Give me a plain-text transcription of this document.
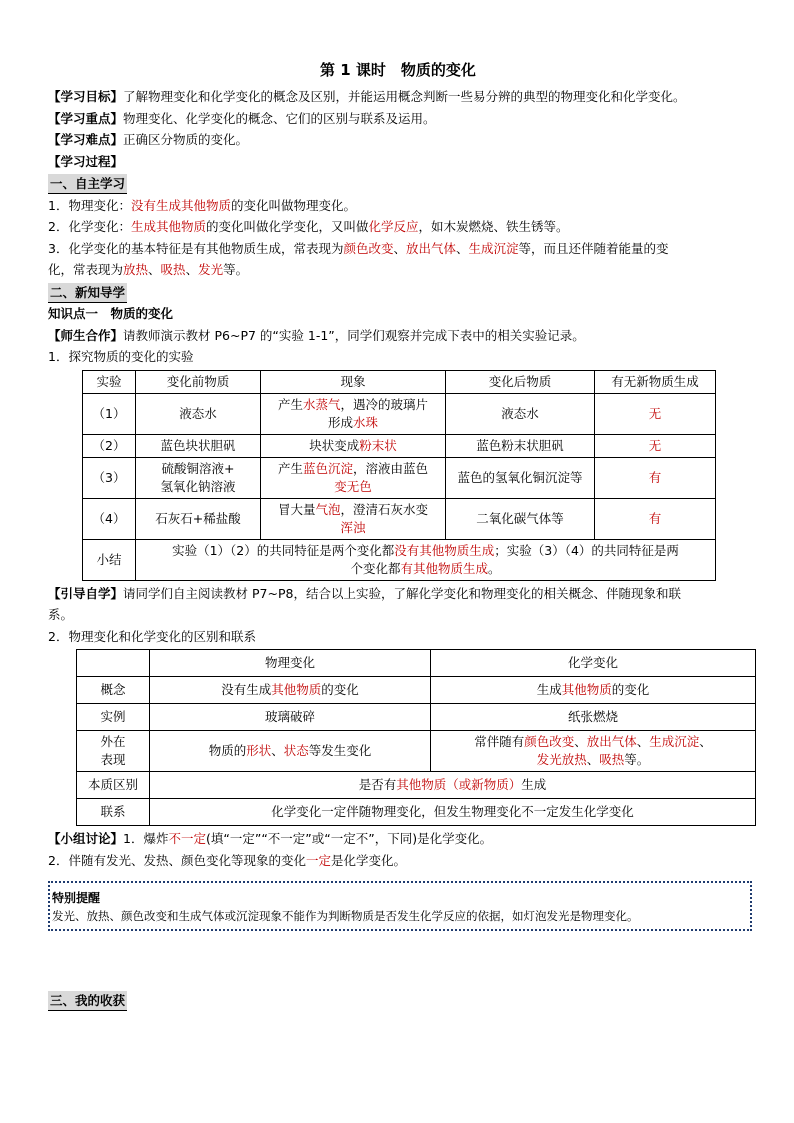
第 1 课时　物质的变化

【学习目标】了解物理变化和化学变化的概念及区别，并能运用概念判断一些易分辨的典型的物理变化和化学变化。

【学习重点】物理变化、化学变化的概念、它们的区别与联系及运用。

【学习难点】正确区分物质的变化。

【学习过程】

一、自主学习

1．物理变化：没有生成其他物质的变化叫做物理变化。

2．化学变化：生成其他物质的变化叫做化学变化，又叫做化学反应，如木炭燃烧、铁生锈等。

3．化学变化的基本特征是有其他物质生成，常表现为颜色改变、放出气体、生成沉淀等，而且还伴随着能量的变

化，常表现为放热、吸热、发光等。

二、新知导学

知识点一　物质的变化

【师生合作】请教师演示教材 P6~P7 的“实验 1-1”，同学们观察并完成下表中的相关实验记录。

1．探究物质的变化的实验

实验	变化前物质	现象	变化后物质	有无新物质生成
（1）	液态水	产生水蒸气，遇冷的玻璃片
形成水珠	液态水	无
（2）	蓝色块状胆矾	块状变成粉末状	蓝色粉末状胆矾	无
（3）	硫酸铜溶液+
氢氧化钠溶液	产生蓝色沉淀，溶液由蓝色
变无色	蓝色的氢氧化铜沉淀等	有
（4）	石灰石+稀盐酸	冒大量气泡，澄清石灰水变
浑浊	二氧化碳气体等	有
小结	实验（1）（2）的共同特征是两个变化都没有其他物质生成；实验（3）（4）的共同特征是两
个变化都有其他物质生成。			

【引导自学】请同学们自主阅读教材 P7~P8，结合以上实验，了解化学变化和物理变化的相关概念、伴随现象和联

系。

2．物理变化和化学变化的区别和联系

	物理变化	化学变化
概念	没有生成其他物质的变化	生成其他物质的变化
实例	玻璃破碎	纸张燃烧
外在
表现	物质的形状、状态等发生变化	常伴随有颜色改变、放出气体、生成沉淀、
发光放热、吸热等。
本质区别	是否有其他物质（或新物质）生成	
联系	化学变化一定伴随物理变化，但发生物理变化不一定发生化学变化	

【小组讨论】1．爆炸不一定(填“一定”“不一定”或“一定不”，下同)是化学变化。

2．伴随有发光、发热、颜色变化等现象的变化一定是化学变化。

特别提醒
发光、放热、颜色改变和生成气体或沉淀现象不能作为判断物质是否发生化学反应的依据，如灯泡发光是物理变化。
三、我的收获
